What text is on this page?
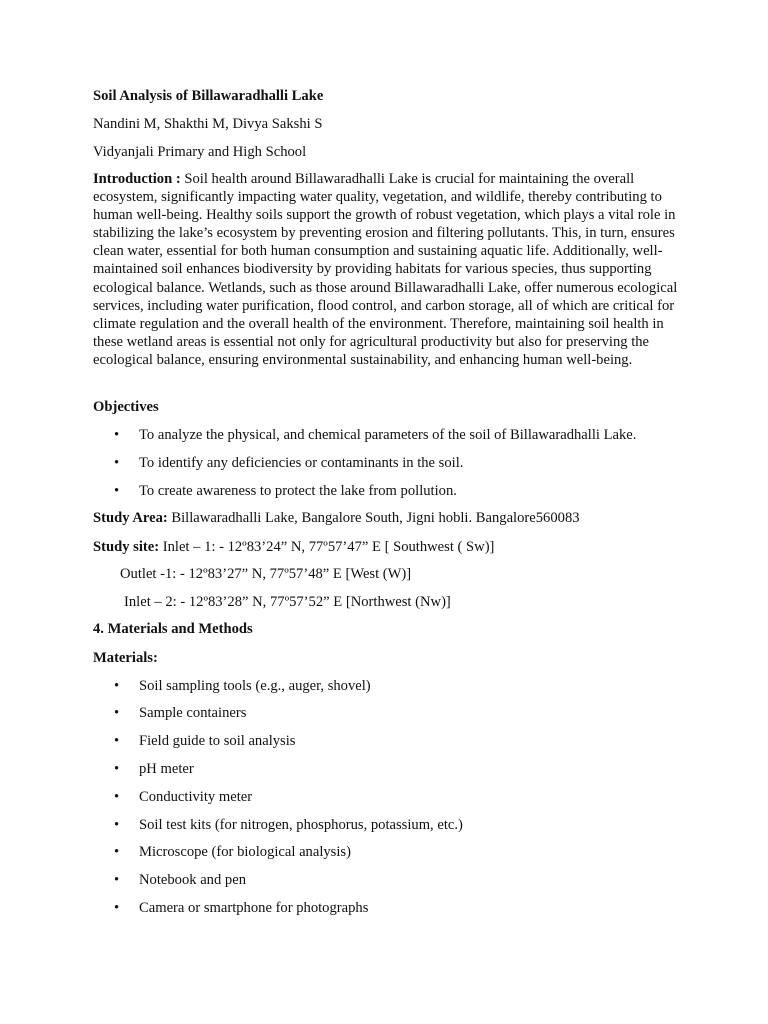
Soil Analysis of Billawaradhalli Lake
Nandini M, Shakthi M, Divya Sakshi S
Vidyanjali Primary and High School
Introduction : Soil health around Billawaradhalli Lake is crucial for maintaining the overall ecosystem, significantly impacting water quality, vegetation, and wildlife, thereby contributing to human well-being. Healthy soils support the growth of robust vegetation, which plays a vital role in stabilizing the lake’s ecosystem by preventing erosion and filtering pollutants. This, in turn, ensures clean water, essential for both human consumption and sustaining aquatic life. Additionally, well-maintained soil enhances biodiversity by providing habitats for various species, thus supporting ecological balance. Wetlands, such as those around Billawaradhalli Lake, offer numerous ecological services, including water purification, flood control, and carbon storage, all of which are critical for climate regulation and the overall health of the environment. Therefore, maintaining soil health in these wetland areas is essential not only for agricultural productivity but also for preserving the ecological balance, ensuring environmental sustainability, and enhancing human well-being.
Objectives
• To analyze the physical, and chemical parameters of the soil of Billawaradhalli Lake.
• To identify any deficiencies or contaminants in the soil.
• To create awareness to protect the lake from pollution.
Study Area: Billawaradhalli Lake, Bangalore South, Jigni hobli. Bangalore560083
Study site: Inlet – 1: - 12º83’24” N, 77º57’47” E [ Southwest ( Sw)]
Outlet -1: - 12º83’27” N, 77º57’48” E [West (W)]
Inlet – 2: - 12º83’28” N, 77º57’52” E [Northwest (Nw)]
4. Materials and Methods
Materials:
• Soil sampling tools (e.g., auger, shovel)
• Sample containers
• Field guide to soil analysis
• pH meter
• Conductivity meter
• Soil test kits (for nitrogen, phosphorus, potassium, etc.)
• Microscope (for biological analysis)
• Notebook and pen
• Camera or smartphone for photographs
